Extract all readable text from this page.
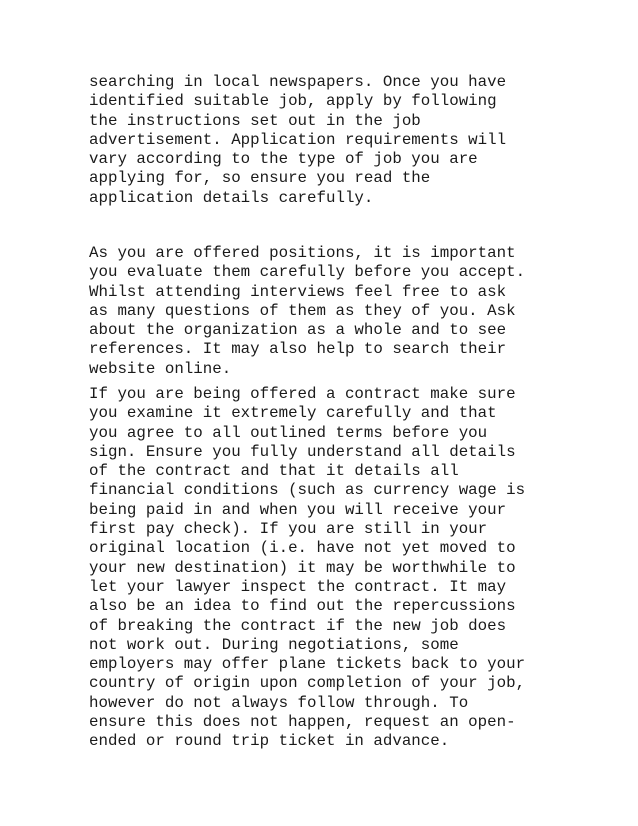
searching in local newspapers. Once you have
identified suitable job, apply by following
the instructions set out in the job
advertisement. Application requirements will
vary according to the type of job you are
applying for, so ensure you read the
application details carefully.
As you are offered positions, it is important
you evaluate them carefully before you accept.
Whilst attending interviews feel free to ask
as many questions of them as they of you. Ask
about the organization as a whole and to see
references. It may also help to search their
website online.
If you are being offered a contract make sure
you examine it extremely carefully and that
you agree to all outlined terms before you
sign. Ensure you fully understand all details
of the contract and that it details all
financial conditions (such as currency wage is
being paid in and when you will receive your
first pay check). If you are still in your
original location (i.e. have not yet moved to
your new destination) it may be worthwhile to
let your lawyer inspect the contract. It may
also be an idea to find out the repercussions
of breaking the contract if the new job does
not work out. During negotiations, some
employers may offer plane tickets back to your
country of origin upon completion of your job,
however do not always follow through. To
ensure this does not happen, request an open-
ended or round trip ticket in advance.
